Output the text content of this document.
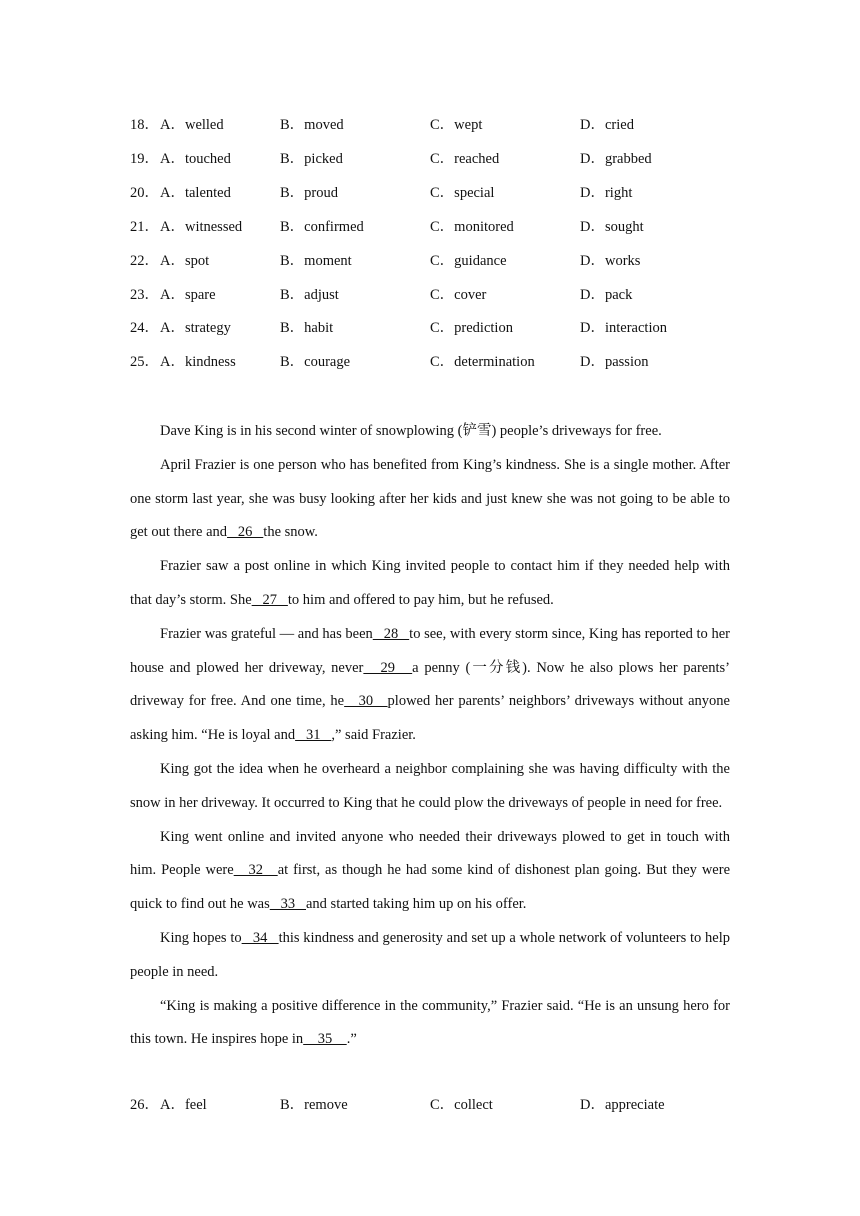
18． A．welled	B．moved	C．wept	D．cried
19． A．touched	B．picked	C．reached	D．grabbed
20． A．talented	B．proud	C．special	D．right
21． A．witnessed	B．confirmed	C．monitored	D．sought
22． A．spot	B．moment	C．guidance	D．works
23． A．spare	B．adjust	C．cover	D．pack
24． A．strategy	B．habit	C．prediction	D．interaction
25． A．kindness	B．courage	C．determination	D．passion

Dave King is in his second winter of snowplowing (铲雪) people’s driveways for free.

April Frazier is one person who has benefited from King’s kindness. She is a single mother. After one storm last year, she was busy looking after her kids and just knew she was not going to be able to get out there and   26   the snow.

Frazier saw a post online in which King invited people to contact him if they needed help with that day’s storm. She   27   to him and offered to pay him, but he refused.

Frazier was grateful — and has been   28   to see, with every storm since, King has reported to her house and plowed her driveway, never   29   a penny (一分钱). Now he also plows her parents’ driveway for free. And one time, he   30   plowed her parents’ neighbors’ driveways without anyone asking him. “He is loyal and   31   ,” said Frazier.

King got the idea when he overheard a neighbor complaining she was having difficulty with the snow in her driveway. It occurred to King that he could plow the driveways of people in need for free.

King went online and invited anyone who needed their driveways plowed to get in touch with him. People were   32   at first, as though he had some kind of dishonest plan going. But they were quick to find out he was   33   and started taking him up on his offer.

King hopes to   34   this kindness and generosity and set up a whole network of volunteers to help people in need.

“King is making a positive difference in the community,” Frazier said. “He is an unsung hero for this town. He inspires hope in    35    .”

26． A．feel	B．remove	C．collect	D．appreciate
